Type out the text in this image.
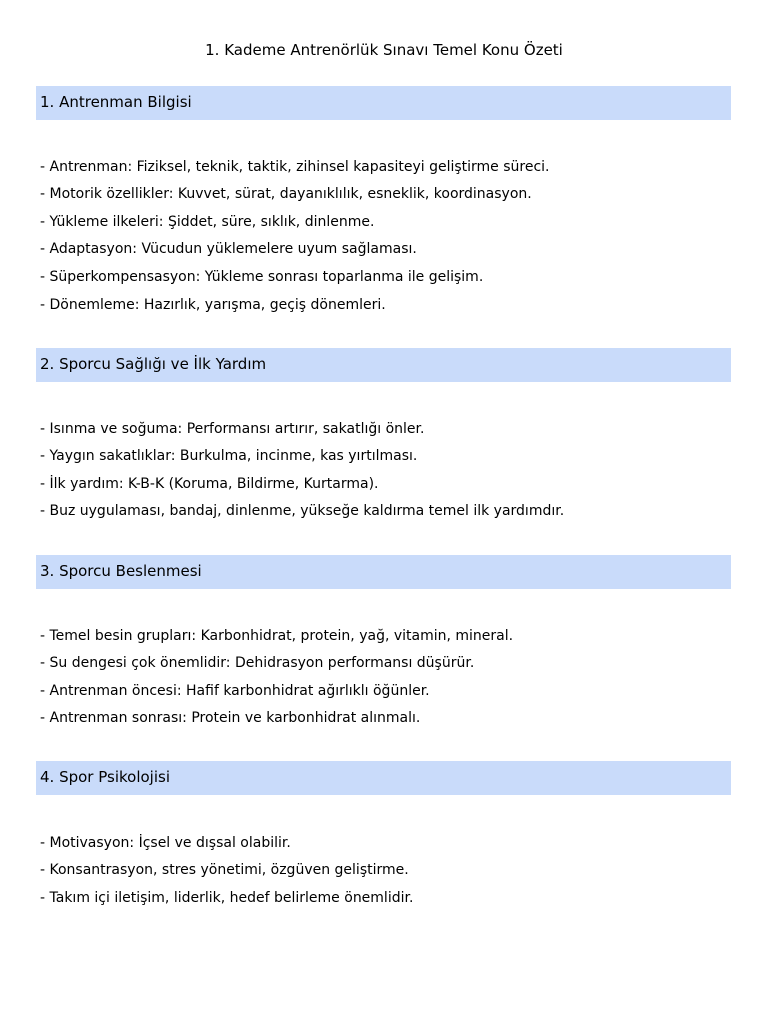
1. Kademe Antrenörlük Sınavı Temel Konu Özeti
1. Antrenman Bilgisi
- Antrenman: Fiziksel, teknik, taktik, zihinsel kapasiteyi geliştirme süreci.
- Motorik özellikler: Kuvvet, sürat, dayanıklılık, esneklik, koordinasyon.
- Yükleme ilkeleri: Şiddet, süre, sıklık, dinlenme.
- Adaptasyon: Vücudun yüklemelere uyum sağlaması.
- Süperkompensasyon: Yükleme sonrası toparlanma ile gelişim.
- Dönemleme: Hazırlık, yarışma, geçiş dönemleri.
2. Sporcu Sağlığı ve İlk Yardım
- Isınma ve soğuma: Performansı artırır, sakatlığı önler.
- Yaygın sakatlıklar: Burkulma, incinme, kas yırtılması.
- İlk yardım: K-B-K (Koruma, Bildirme, Kurtarma).
- Buz uygulaması, bandaj, dinlenme, yükseğe kaldırma temel ilk yardımdır.
3. Sporcu Beslenmesi
- Temel besin grupları: Karbonhidrat, protein, yağ, vitamin, mineral.
- Su dengesi çok önemlidir: Dehidrasyon performansı düşürür.
- Antrenman öncesi: Hafif karbonhidrat ağırlıklı öğünler.
- Antrenman sonrası: Protein ve karbonhidrat alınmalı.
4. Spor Psikolojisi
- Motivasyon: İçsel ve dışsal olabilir.
- Konsantrasyon, stres yönetimi, özgüven geliştirme.
- Takım içi iletişim, liderlik, hedef belirleme önemlidir.
